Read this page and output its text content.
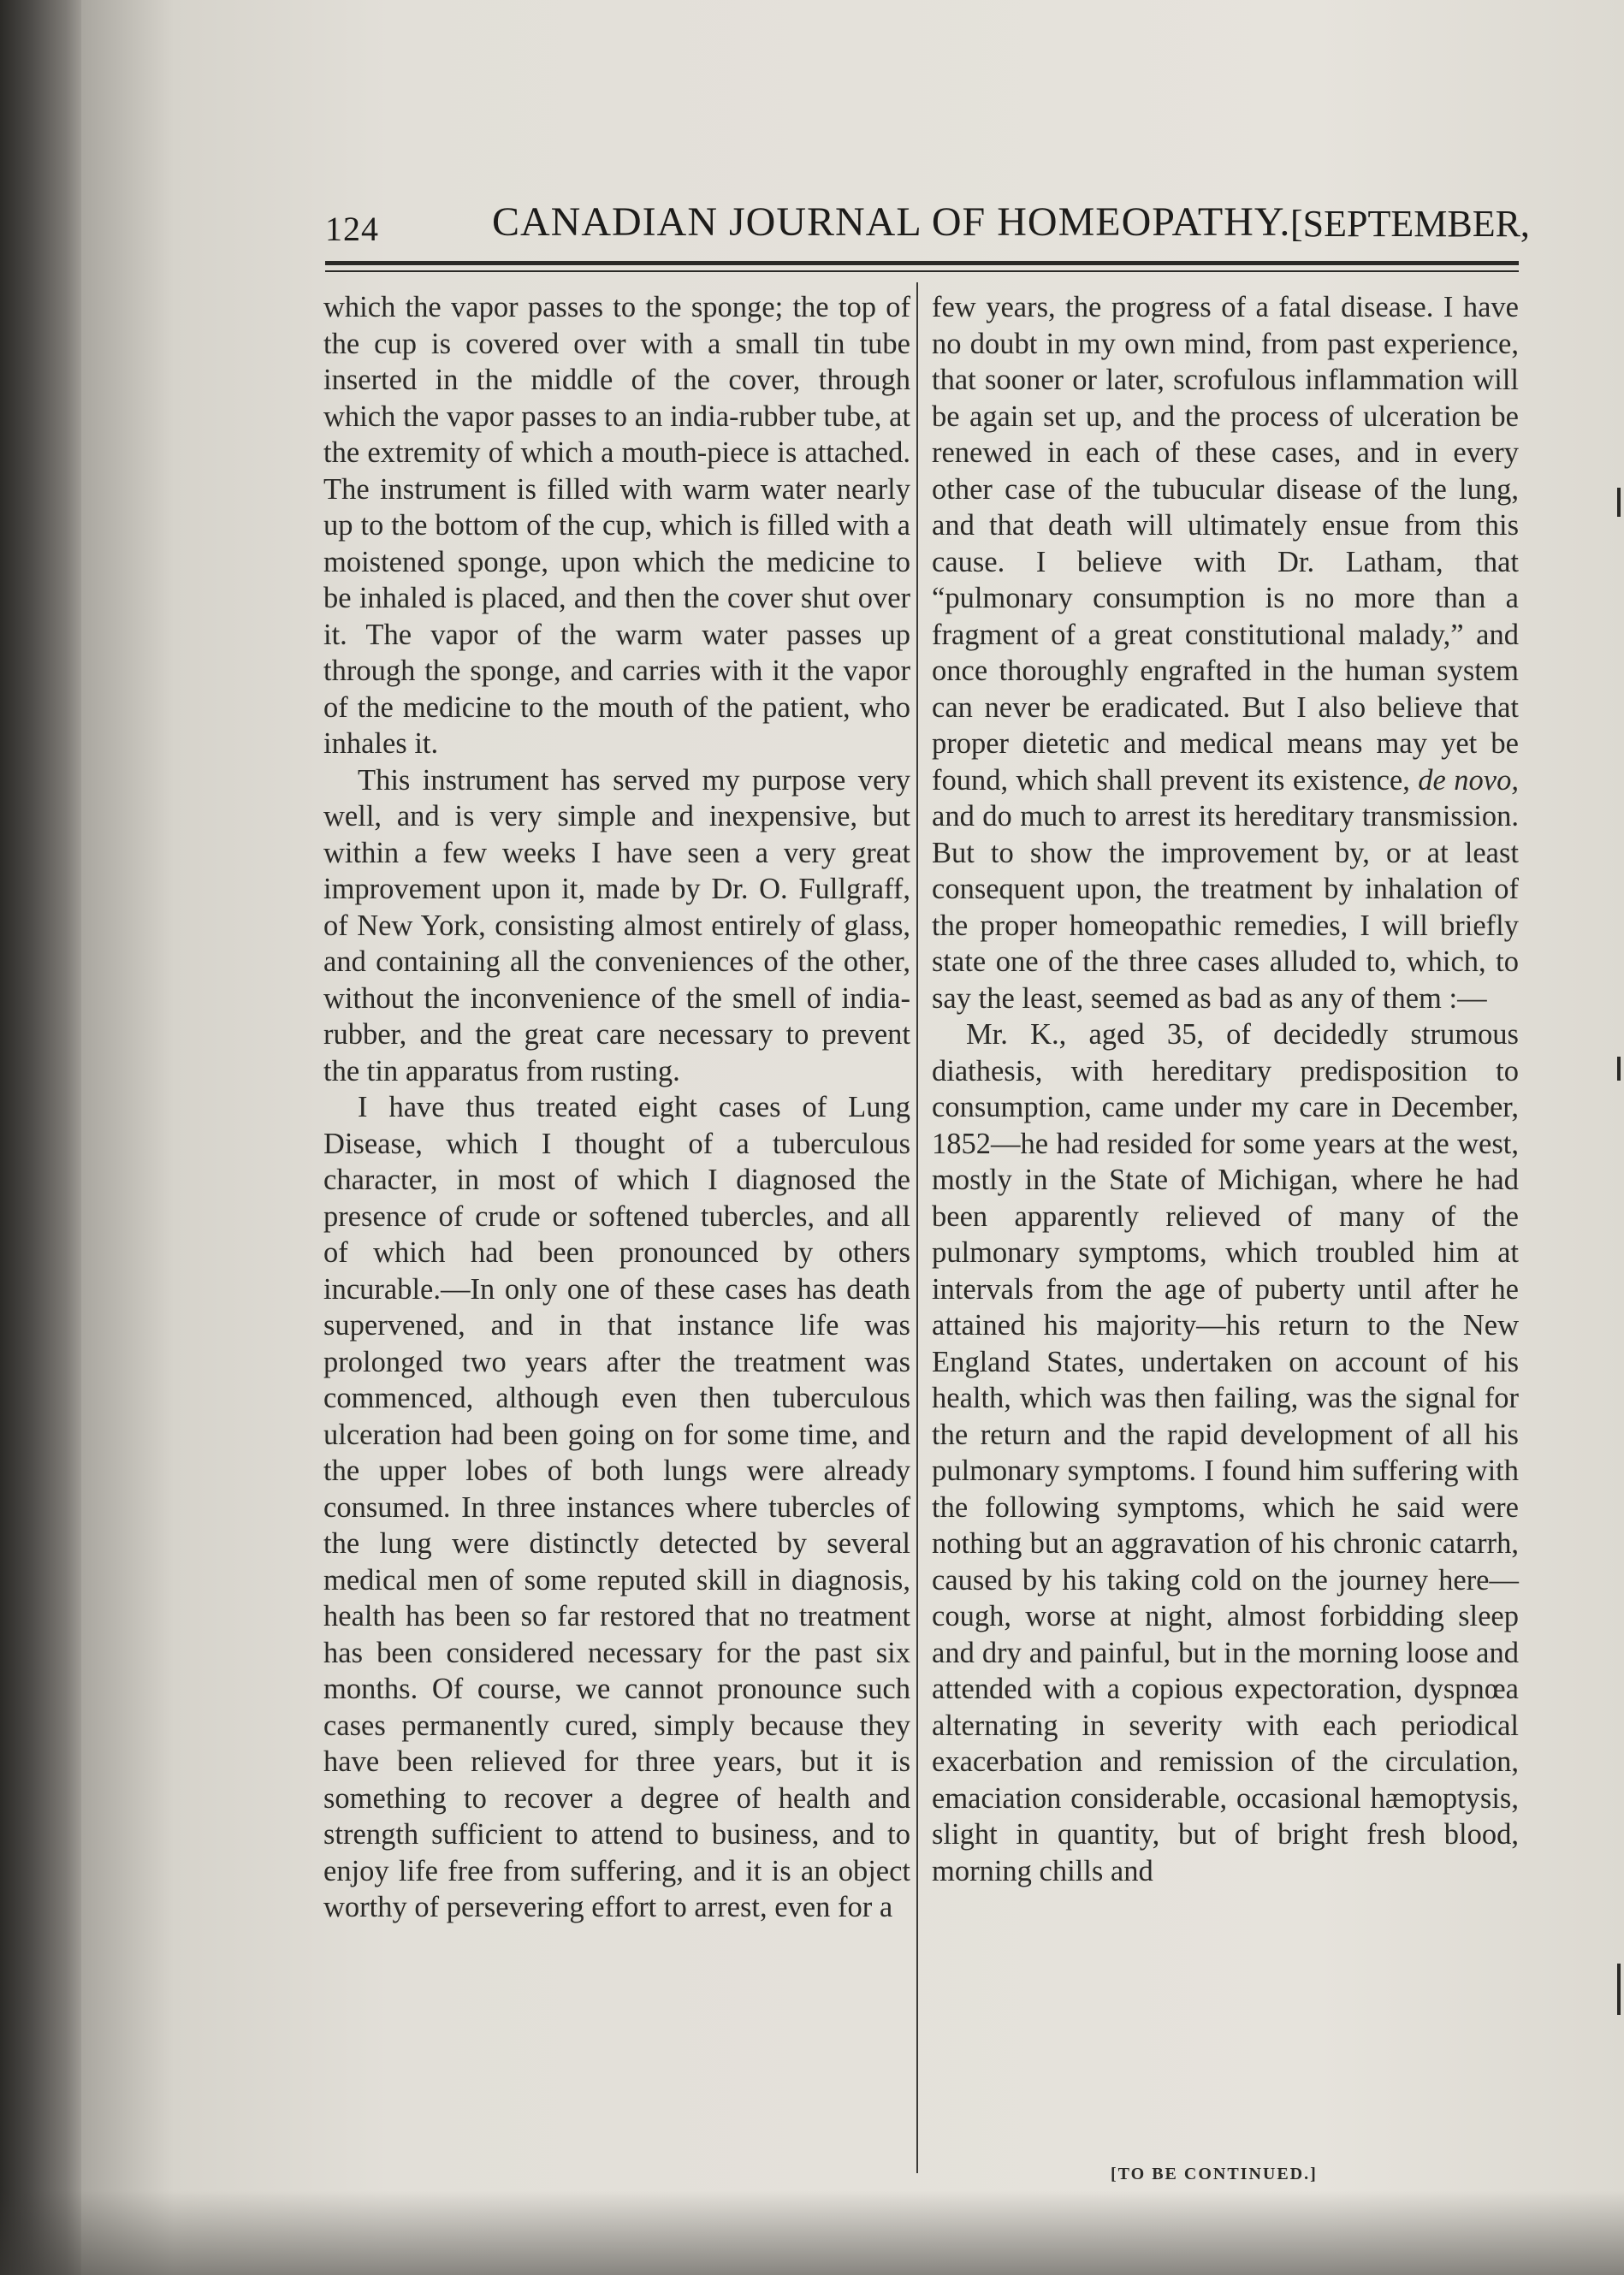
124	CANADIAN JOURNAL OF HOMEOPATHY. [SEPTEMBER,

which the vapor passes to the sponge; the top of the cup is covered over with a small tin tube inserted in the middle of the cover, through which the vapor passes to an india-rubber tube, at the extremity of which a mouth-piece is attached. The instrument is filled with warm water nearly up to the bottom of the cup, which is filled with a moistened sponge, upon which the medicine to be inhaled is placed, and then the cover shut over it. The vapor of the warm water passes up through the sponge, and carries with it the vapor of the medicine to the mouth of the patient, who inhales it.

This instrument has served my purpose very well, and is very simple and inexpensive, but within a few weeks I have seen a very great improvement upon it, made by Dr. O. Fullgraff, of New York, consisting almost entirely of glass, and containing all the conveniences of the other, without the inconvenience of the smell of india-rubber, and the great care necessary to prevent the tin apparatus from rusting.

I have thus treated eight cases of Lung Disease, which I thought of a tuberculous character, in most of which I diagnosed the presence of crude or softened tubercles, and all of which had been pronounced by others incurable.—In only one of these cases has death supervened, and in that instance life was prolonged two years after the treatment was commenced, although even then tuberculous ulceration had been going on for some time, and the upper lobes of both lungs were already consumed. In three instances where tubercles of the lung were distinctly detected by several medical men of some reputed skill in diagnosis, health has been so far restored that no treatment has been considered necessary for the past six months. Of course, we cannot pronounce such cases permanently cured, simply because they have been relieved for three years, but it is something to recover a degree of health and strength sufficient to attend to business, and to enjoy life free from suffering, and it is an object worthy of persevering effort to arrest, even for a

few years, the progress of a fatal disease. I have no doubt in my own mind, from past experience, that sooner or later, scrofulous inflammation will be again set up, and the process of ulceration be renewed in each of these cases, and in every other case of the tubucular disease of the lung, and that death will ultimately ensue from this cause. I believe with Dr. Latham, that “pulmonary consumption is no more than a fragment of a great constitutional malady,” and once thoroughly engrafted in the human system can never be eradicated. But I also believe that proper dietetic and medical means may yet be found, which shall prevent its existence, de novo, and do much to arrest its hereditary transmission. But to show the improvement by, or at least consequent upon, the treatment by inhalation of the proper homeopathic remedies, I will briefly state one of the three cases alluded to, which, to say the least, seemed as bad as any of them :—

Mr. K., aged 35, of decidedly strumous diathesis, with hereditary predisposition to consumption, came under my care in December, 1852—he had resided for some years at the west, mostly in the State of Michigan, where he had been apparently relieved of many of the pulmonary symptoms, which troubled him at intervals from the age of puberty until after he attained his majority—his return to the New England States, undertaken on account of his health, which was then failing, was the signal for the return and the rapid development of all his pulmonary symptoms. I found him suffering with the following symptoms, which he said were nothing but an aggravation of his chronic catarrh, caused by his taking cold on the journey here—cough, worse at night, almost forbidding sleep and dry and painful, but in the morning loose and attended with a copious expectoration, dyspnœa alternating in severity with each periodical exacerbation and remission of the circulation, emaciation considerable, occasional hæmoptysis, slight in quantity, but of bright fresh blood, morning chills and

[TO BE CONTINUED.]
